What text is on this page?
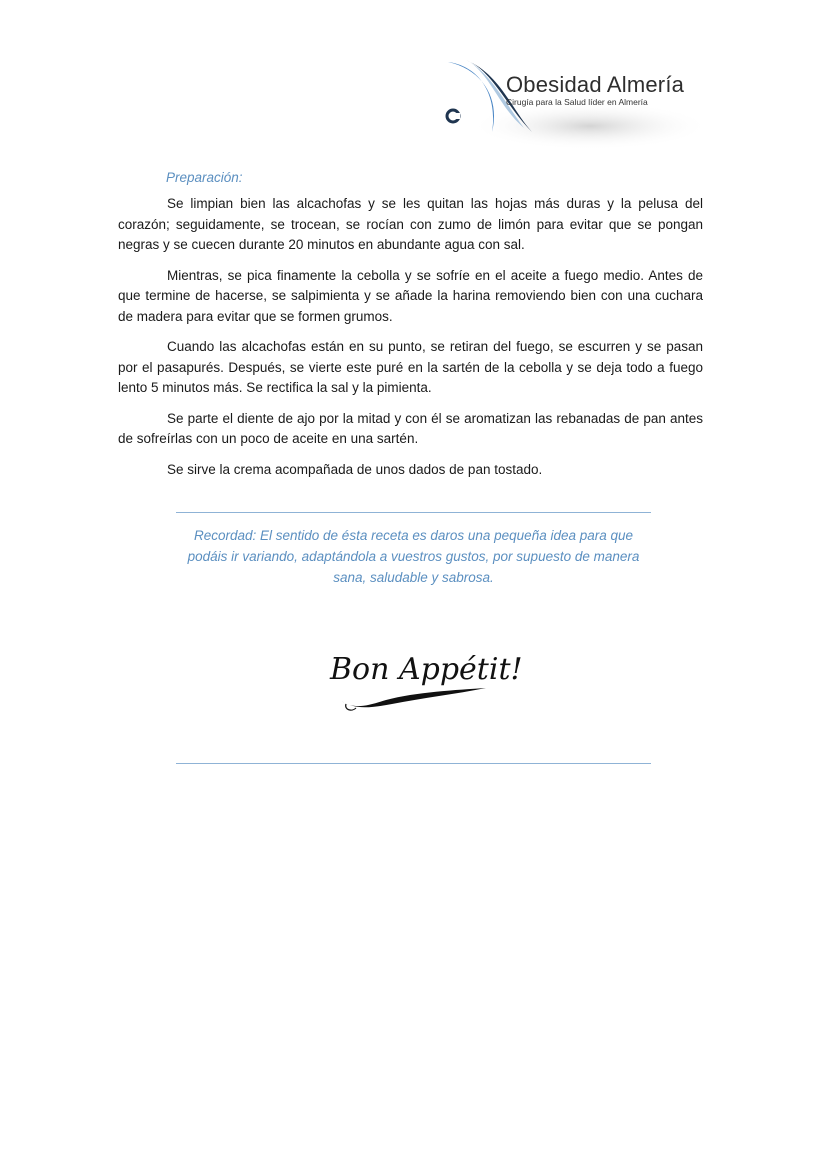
Obesidad Almería
Cirugía para la Salud líder en Almería
Preparación:

Se limpian bien las alcachofas y se les quitan las hojas más duras y la pelusa del corazón; seguidamente, se trocean, se rocían con zumo de limón para evitar que se pongan negras y se cuecen durante 20 minutos en abundante agua con sal.

Mientras, se pica finamente la cebolla y se sofríe en el aceite a fuego medio. Antes de que termine de hacerse, se salpimienta y se añade la harina removiendo bien con una cuchara de madera para evitar que se formen grumos.

Cuando las alcachofas están en su punto, se retiran del fuego, se escurren y se pasan por el pasapurés. Después, se vierte este puré en la sartén de la cebolla y se deja todo a fuego lento 5 minutos más. Se rectifica la sal y la pimienta.

Se parte el diente de ajo por la mitad y con él se aromatizan las rebanadas de pan antes de sofreírlas con un poco de aceite en una sartén.

Se sirve la crema acompañada de unos dados de pan tostado.

Recordad: El sentido de ésta receta es daros una pequeña idea para que podáis ir variando, adaptándola a vuestros gustos, por supuesto de manera sana, saludable y sabrosa.
Bon Appétit!
